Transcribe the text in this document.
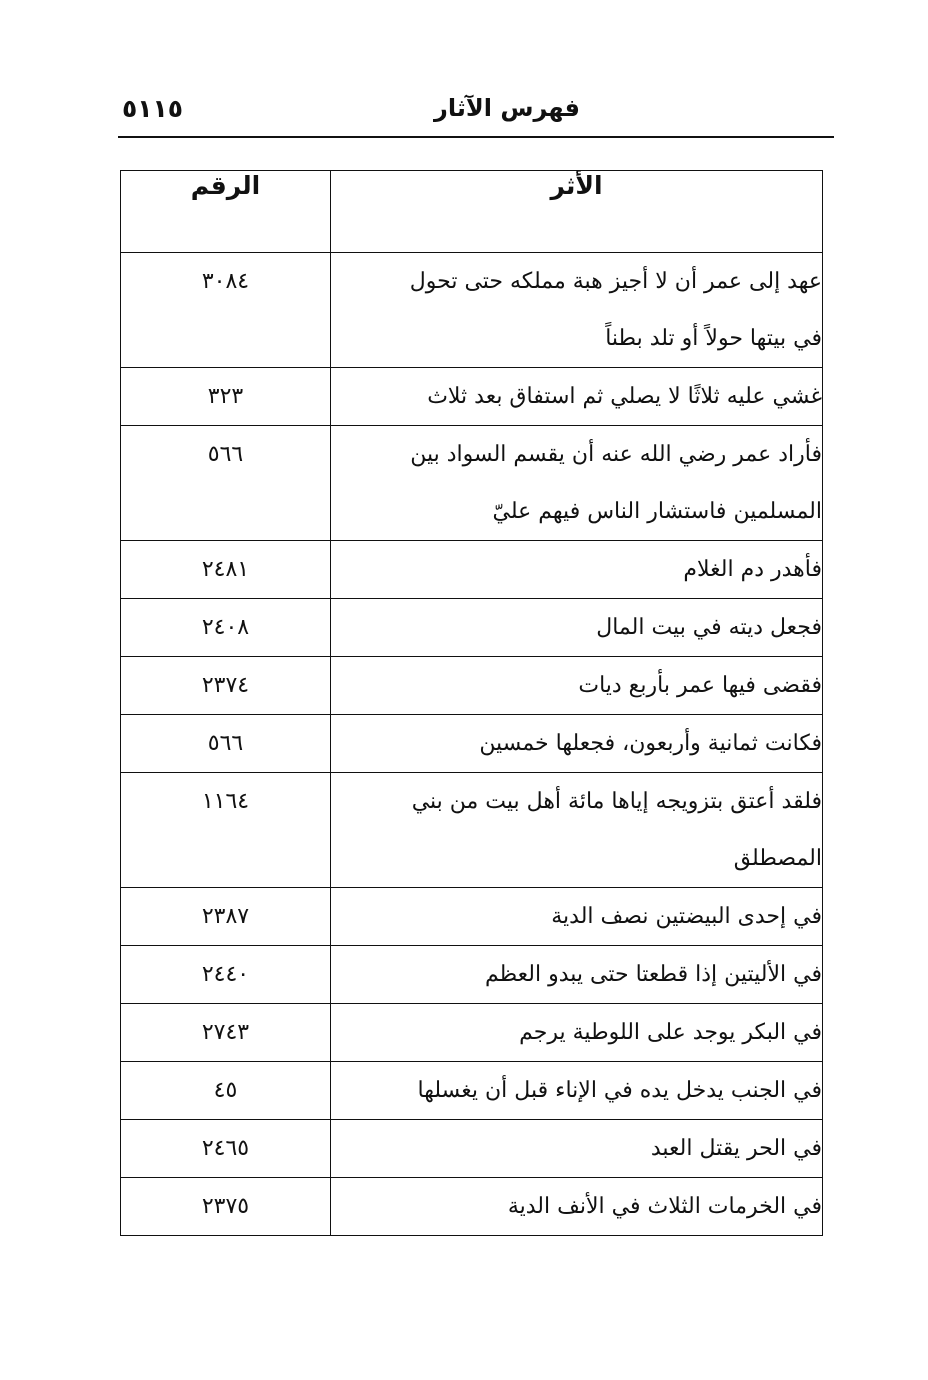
٥١١٥	فهرس الآثار
الأثر	الرقم

عهد إلى عمر أن لا أجيز هبة مملكه حتى تحول
في بيتها حولاً أو تلد بطناً	٣٠٨٤

غشي عليه ثلاثًا لا يصلي ثم استفاق بعد ثلاث	٣٢٣

فأراد عمر رضي الله عنه أن يقسم السواد بين
المسلمين فاستشار الناس فيهم عليّ	٥٦٦

فأهدر دم الغلام	٢٤٨١

فجعل ديته في بيت المال	٢٤٠٨

فقضى فيها عمر بأربع ديات	٢٣٧٤

فكانت ثمانية وأربعون، فجعلها خمسين	٥٦٦

فلقد أعتق بتزويجه إياها مائة أهل بيت من بني
المصطلق	١١٦٤

في إحدى البيضتين نصف الدية	٢٣٨٧

في الأليتين إذا قطعتا حتى يبدو العظم	٢٤٤٠

في البكر يوجد على اللوطية يرجم	٢٧٤٣

في الجنب يدخل يده في الإناء قبل أن يغسلها	٤٥

في الحر يقتل العبد	٢٤٦٥

في الخرمات الثلاث في الأنف الدية	٢٣٧٥
